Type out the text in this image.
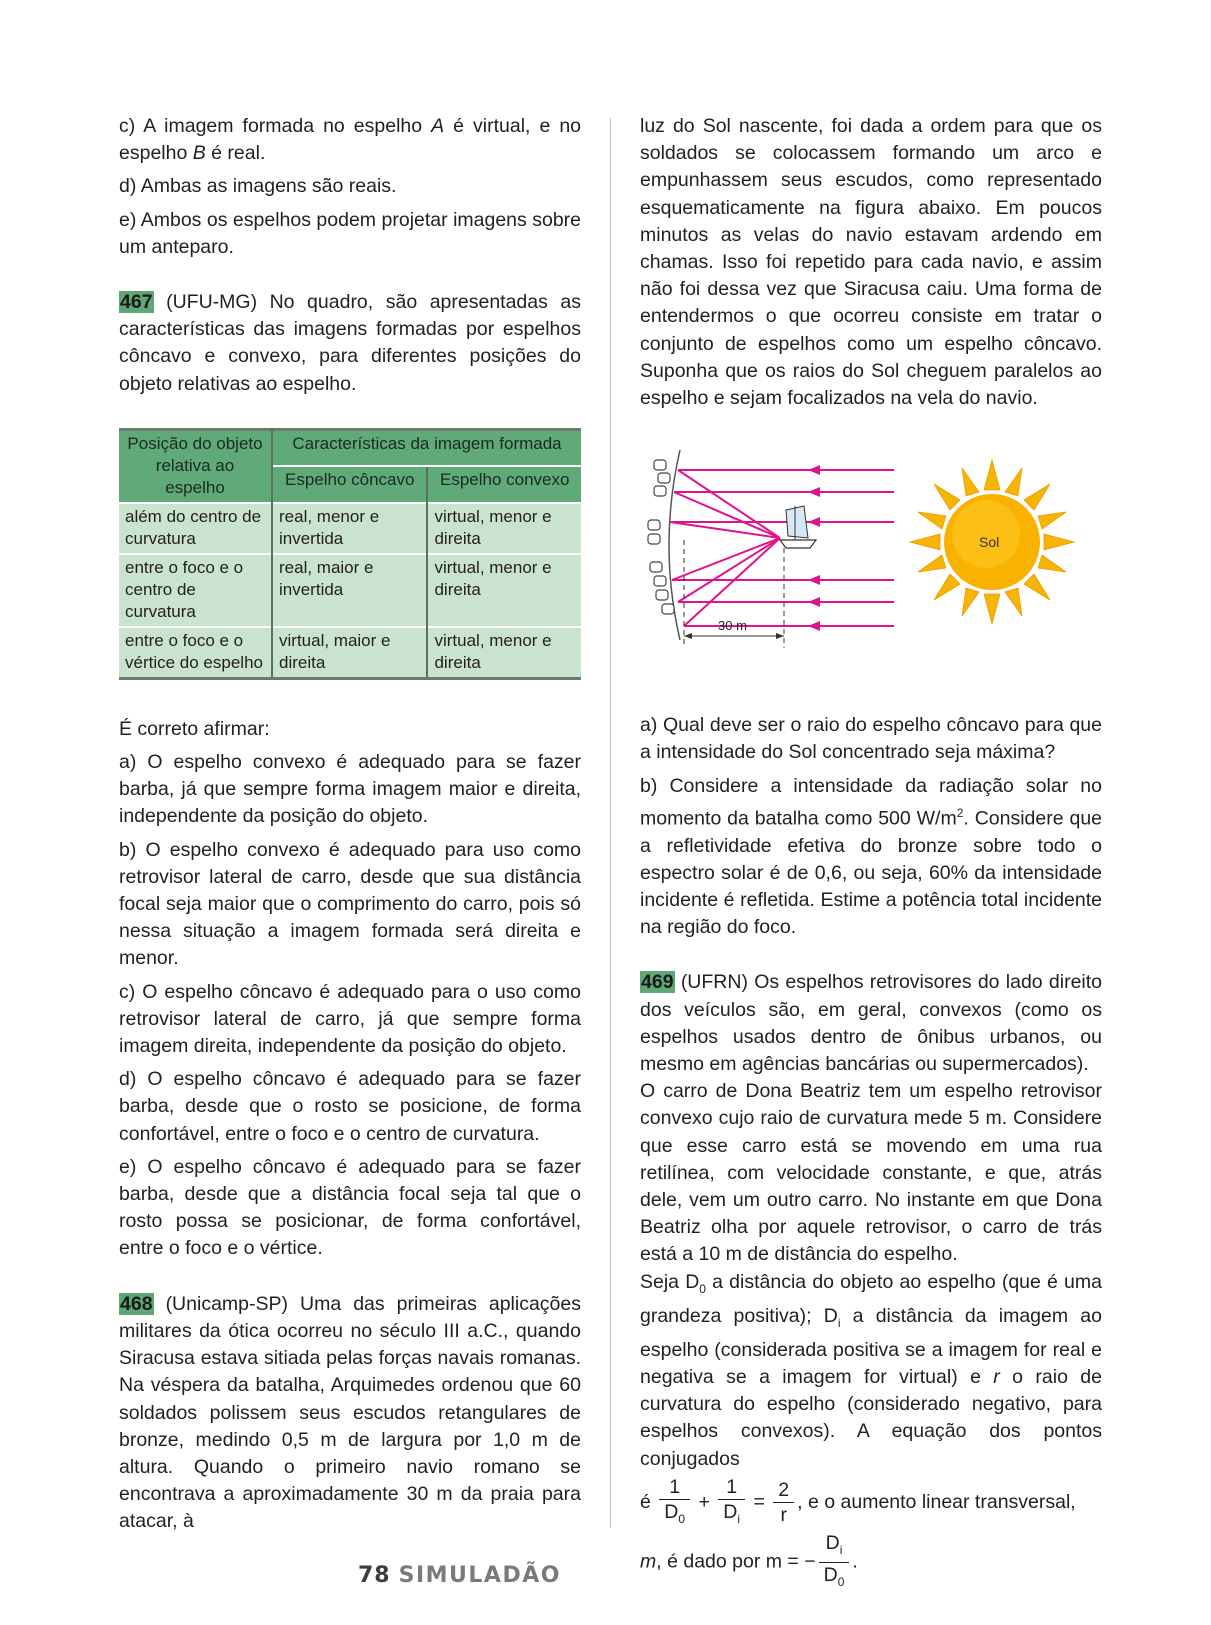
c) A imagem formada no espelho A é virtual, e no espelho B é real.

d) Ambas as imagens são reais.

e) Ambos os espelhos podem projetar imagens sobre um anteparo.

467 (UFU-MG) No quadro, são apresentadas as características das imagens formadas por espelhos côncavo e convexo, para diferentes posições do objeto relativas ao espelho.

Posição do objeto relativa ao espelho	Características da imagem formada	
	Espelho côncavo	Espelho convexo
além do centro de curvatura	real, menor e invertida	virtual, menor e direita
entre o foco e o centro de curvatura	real, maior e invertida	virtual, menor e direita
entre o foco e o vértice do espelho	virtual, maior e direita	virtual, menor e direita

É correto afirmar:

a) O espelho convexo é adequado para se fazer barba, já que sempre forma imagem maior e direita, independente da posição do objeto.

b) O espelho convexo é adequado para uso como retrovisor lateral de carro, desde que sua distância focal seja maior que o comprimento do carro, pois só nessa situação a imagem formada será direita e menor.

c) O espelho côncavo é adequado para o uso como retrovisor lateral de carro, já que sempre forma imagem direita, independente da posição do objeto.

d) O espelho côncavo é adequado para se fazer barba, desde que o rosto se posicione, de forma confortável, entre o foco e o centro de curvatura.

e) O espelho côncavo é adequado para se fazer barba, desde que a distância focal seja tal que o rosto possa se posicionar, de forma confortável, entre o foco e o vértice.

468 (Unicamp-SP) Uma das primeiras aplicações militares da ótica ocorreu no século III a.C., quando Siracusa estava sitiada pelas forças navais romanas. Na véspera da batalha, Arquimedes ordenou que 60 soldados polissem seus escudos retangulares de bronze, medindo 0,5 m de largura por 1,0 m de altura. Quando o primeiro navio romano se encontrava a aproximadamente 30 m da praia para atacar, à

luz do Sol nascente, foi dada a ordem para que os soldados se colocassem formando um arco e empunhassem seus escudos, como representado esquematicamente na figura abaixo. Em poucos minutos as velas do navio estavam ardendo em chamas. Isso foi repetido para cada navio, e assim não foi dessa vez que Siracusa caiu. Uma forma de entendermos o que ocorreu consiste em tratar o conjunto de espelhos como um espelho côncavo. Suponha que os raios do Sol cheguem paralelos ao espelho e sejam focalizados na vela do navio.

30 m
Sol

a) Qual deve ser o raio do espelho côncavo para que a intensidade do Sol concentrado seja máxima?

b) Considere a intensidade da radiação solar no momento da batalha como 500 $W/m^2$. Considere que a refletividade efetiva do bronze sobre todo o espectro solar é de 0,6, ou seja, 60% da intensidade incidente é refletida. Estime a potência total incidente na região do foco.

469 (UFRN) Os espelhos retrovisores do lado direito dos veículos são, em geral, convexos (como os espelhos usados dentro de ônibus urbanos, ou mesmo em agências bancárias ou supermercados).

O carro de Dona Beatriz tem um espelho retrovisor convexo cujo raio de curvatura mede 5 m. Considere que esse carro está se movendo em uma rua retilínea, com velocidade constante, e que, atrás dele, vem um outro carro. No instante em que Dona Beatriz olha por aquele retrovisor, o carro de trás está a 10 m de distância do espelho.

Seja $D_0$ a distância do objeto ao espelho (que é uma grandeza positiva); $D_i$ a distância da imagem ao espelho (considerada positiva se a imagem for real e negativa se a imagem for virtual) e r o raio de curvatura do espelho (considerado negativo, para espelhos convexos). A equação dos pontos conjugados

é $\frac{1}{D_0} + \frac{1}{D_i} = \frac{2}{r}$ , e o aumento linear transversal,

m, é dado por m = − $\frac{D_i}{D_0}$ .

78 SIMULADÃO
